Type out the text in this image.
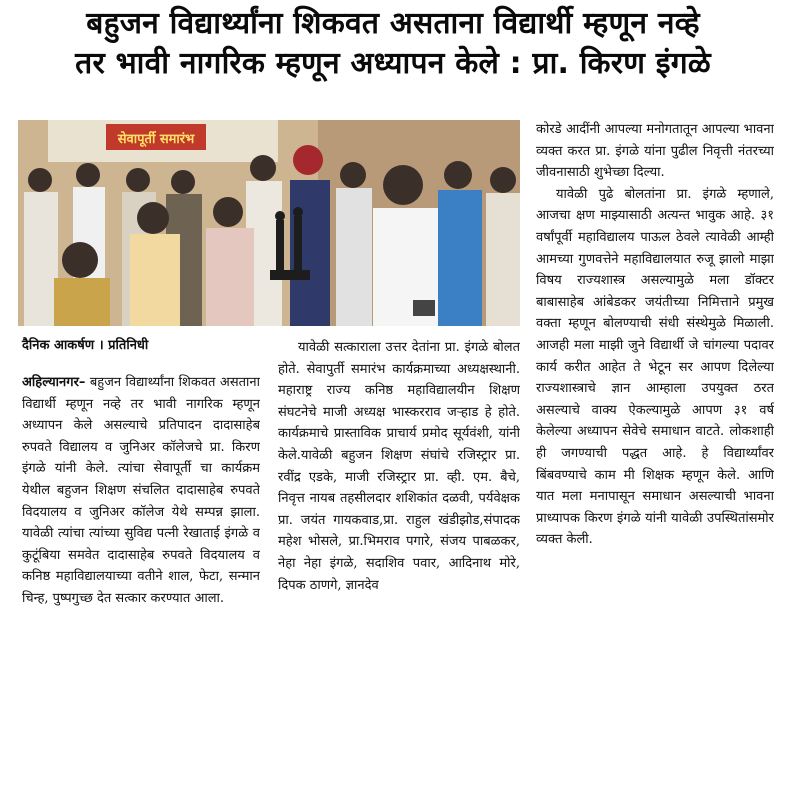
बहुजन विद्यार्थ्यांना शिकवत असताना विद्यार्थी म्हणून नव्हे
तर भावी नागरिक म्हणून अध्यापन केले : प्रा. किरण इंगळे
सेवापूर्ती समारंभ
दैनिक आकर्षण । प्रतिनिधी

अहिल्यानगर– बहुजन विद्यार्थ्यांना शिकवत असताना विद्यार्थी म्हणून नव्हे तर भावी नागरिक म्हणून अध्यापन केले असल्याचे प्रतिपादन दादासाहेब रुपवते विद्यालय व जुनिअर कॉलेजचे प्रा. किरण इंगळे यांनी केले. त्यांचा सेवापूर्ती चा कार्यक्रम येथील बहुजन शिक्षण संचलित दादासाहेब रुपवते विदयालय व जुनिअर कॉलेज येथे सम्पन्न झाला. यावेळी त्यांचा त्यांच्या सुविद्य पत्नी रेखाताई इंगळे व कुटूंबिया समवेत दादासाहेब रुपवते विदयालय व कनिष्ठ महाविद्यालयाच्या वतीने शाल, फेटा, सन्मान चिन्ह, पुष्पगुच्छ देत सत्कार करण्यात आला.

यावेळी सत्काराला उत्तर देतांना प्रा. इंगळे बोलत होते. सेवापुर्ती समारंभ कार्यक्रमाच्या अध्यक्षस्थानी. महाराष्ट्र राज्य कनिष्ठ महाविद्यालयीन शिक्षण संघटनेचे माजी अध्यक्ष भास्करराव जऱ्हाड हे होते. कार्यक्रमाचे प्रास्ताविक प्राचार्य प्रमोद सूर्यवंशी, यांनी केले.यावेळी बहुजन शिक्षण संघांचे रजिस्ट्रार प्रा. रवींद्र एडके, माजी रजिस्ट्रार प्रा. व्ही. एम. बैचे, निवृत्त नायब तहसीलदार शशिकांत दळवी, पर्यवेक्षक प्रा. जयंत गायकवाड,प्रा. राहुल खंडीझोड,संपादक महेश भोसले, प्रा.भिमराव पगारे, संजय पाबळकर, नेहा नेहा इंगळे, सदाशिव पवार, आदिनाथ मोरे, दिपक ठाणगे, ज्ञानदेव

कोरडे आदींनी आपल्या मनोगतातून आपल्या भावना व्यक्त करत प्रा. इंगळे यांना पुढील निवृत्ती नंतरच्या जीवनासाठी शुभेच्छा दिल्या.

यावेळी पुढे बोलतांना प्रा. इंगळे म्हणाले, आजचा क्षण माझ्यासाठी अत्यन्त भावुक आहे. ३१ वर्षांपूर्वी महाविद्यालय पाऊल ठेवले त्यावेळी आम्ही आमच्या गुणवत्तेने महाविद्यालयात रुजू झालो माझा विषय राज्यशास्त्र असल्यामुळे मला डॉक्टर बाबासाहेब आंबेडकर जयंतीच्या निमित्ताने प्रमुख वक्ता म्हणून बोलण्याची संधी संस्थेमुळे मिळाली. आजही मला माझी जुने विद्यार्थी जे चांगल्या पदावर कार्य करीत आहेत ते भेटून सर आपण दिलेल्या राज्यशास्त्राचे ज्ञान आम्हाला उपयुक्त ठरत असल्याचे वाक्य ऐकल्यामुळे आपण ३१ वर्ष केलेल्या अध्यापन सेवेचे समाधान वाटते. लोकशाही ही जगण्याची पद्धत आहे. हे विद्यार्थ्यांवर बिंबवण्याचे काम मी शिक्षक म्हणून केले. आणि यात मला मनापासून समाधान असल्याची भावना प्राध्यापक किरण इंगळे यांनी यावेळी उपस्थितांसमोर व्यक्त केली.
